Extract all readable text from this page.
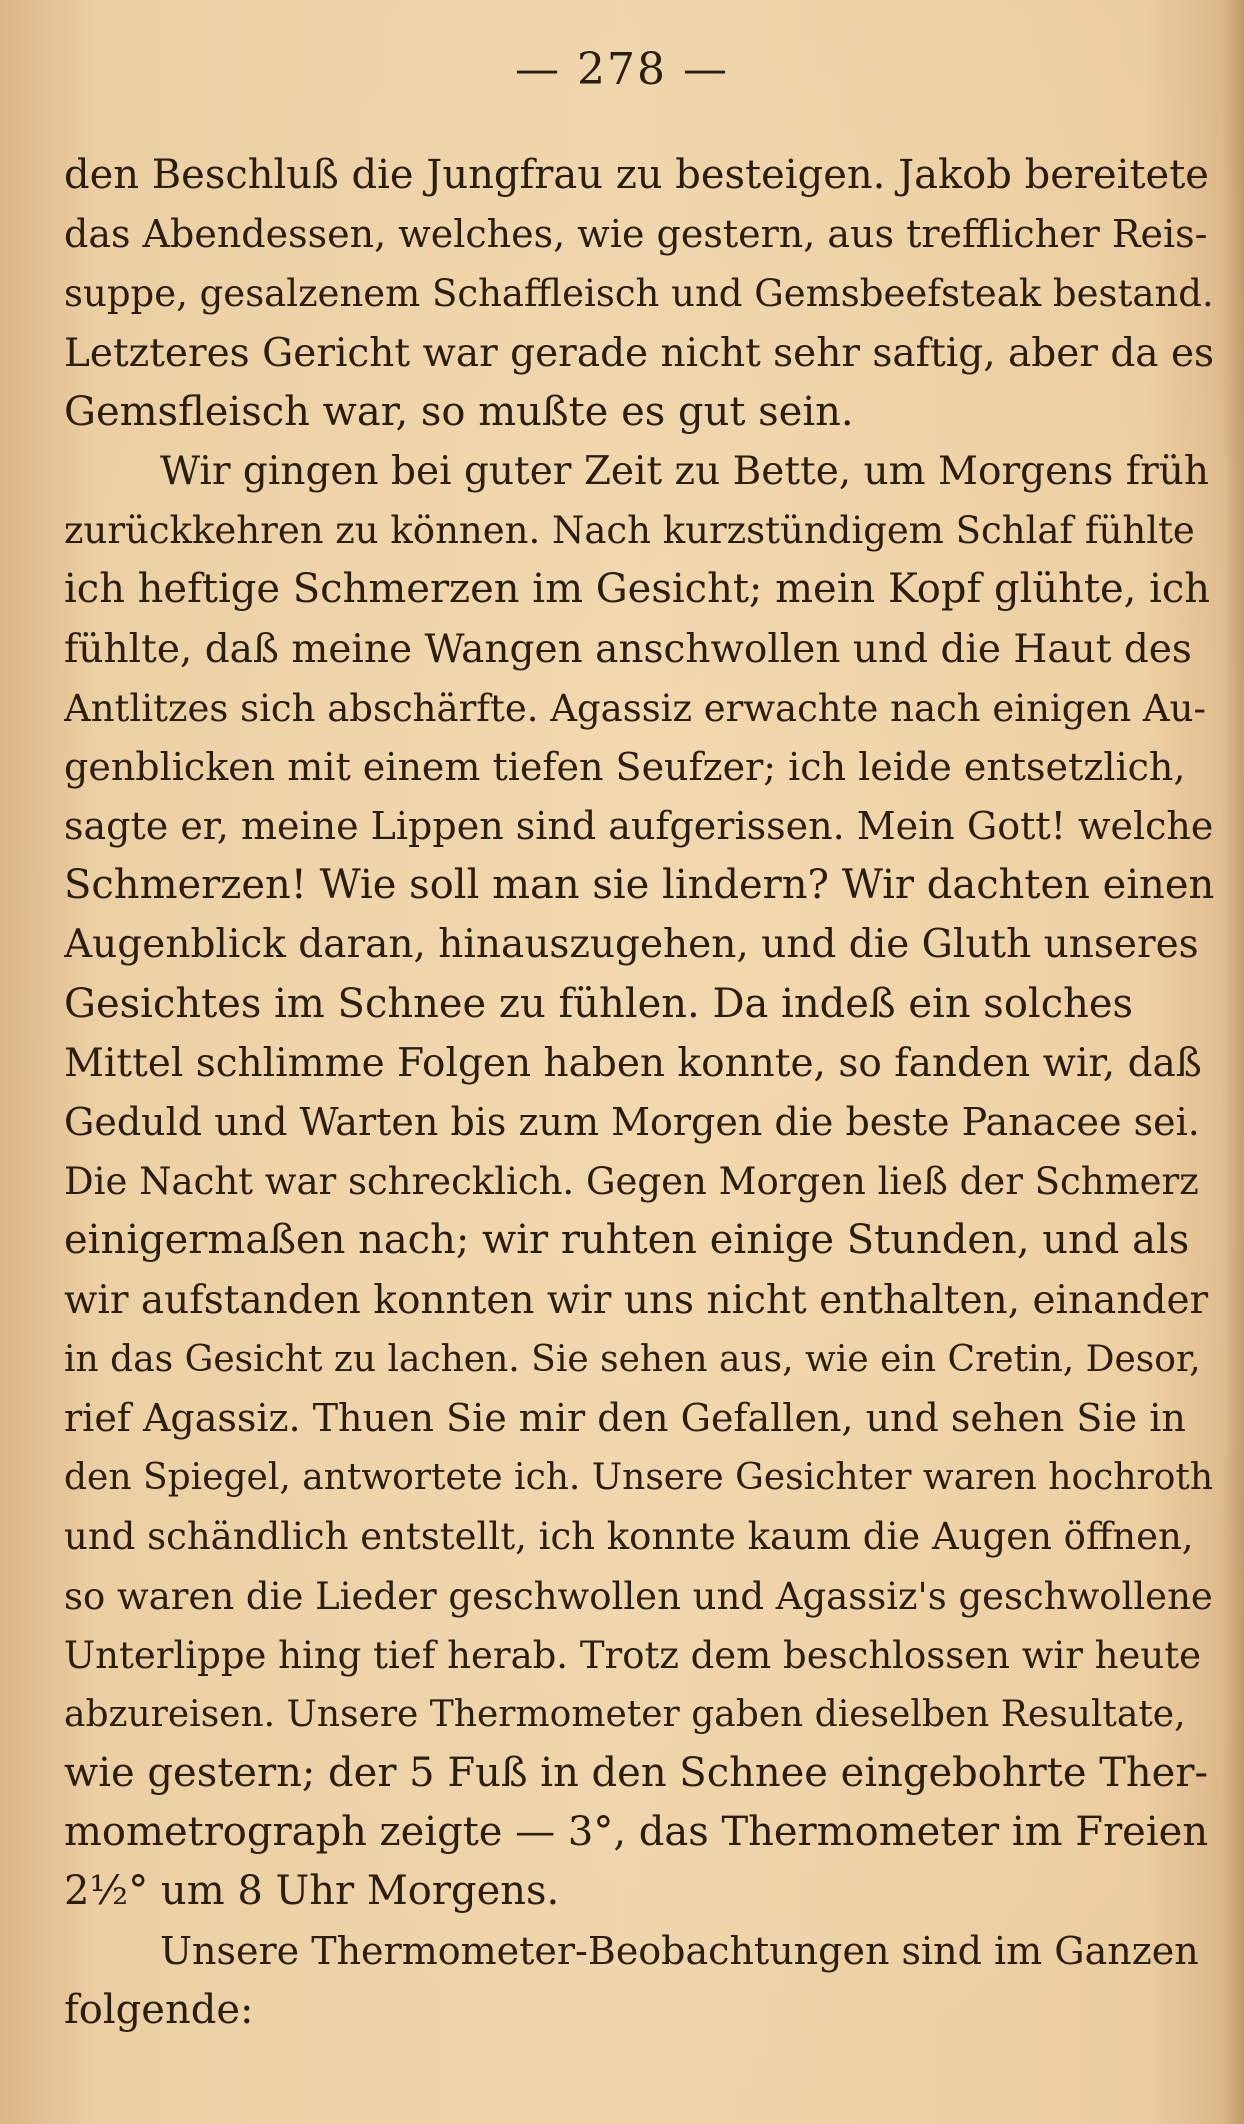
— 278 —
den Beschluß die Jungfrau zu besteigen. Jakob bereitete
das Abendessen, welches, wie gestern, aus trefflicher Reis-
suppe, gesalzenem Schaffleisch und Gemsbeefsteak bestand.
Letzteres Gericht war gerade nicht sehr saftig, aber da es
Gemsfleisch war, so mußte es gut sein.
Wir gingen bei guter Zeit zu Bette, um Morgens früh
zurückkehren zu können. Nach kurzstündigem Schlaf fühlte
ich heftige Schmerzen im Gesicht; mein Kopf glühte, ich
fühlte, daß meine Wangen anschwollen und die Haut des
Antlitzes sich abschärfte. Agassiz erwachte nach einigen Au-
genblicken mit einem tiefen Seufzer; ich leide entsetzlich,
sagte er, meine Lippen sind aufgerissen. Mein Gott! welche
Schmerzen! Wie soll man sie lindern? Wir dachten einen
Augenblick daran, hinauszugehen, und die Gluth unseres
Gesichtes im Schnee zu fühlen. Da indeß ein solches
Mittel schlimme Folgen haben konnte, so fanden wir, daß
Geduld und Warten bis zum Morgen die beste Panacee sei.
Die Nacht war schrecklich. Gegen Morgen ließ der Schmerz
einigermaßen nach; wir ruhten einige Stunden, und als
wir aufstanden konnten wir uns nicht enthalten, einander
in das Gesicht zu lachen. Sie sehen aus, wie ein Cretin, Desor,
rief Agassiz. Thuen Sie mir den Gefallen, und sehen Sie in
den Spiegel, antwortete ich. Unsere Gesichter waren hochroth
und schändlich entstellt, ich konnte kaum die Augen öffnen,
so waren die Lieder geschwollen und Agassiz's geschwollene
Unterlippe hing tief herab. Trotz dem beschlossen wir heute
abzureisen. Unsere Thermometer gaben dieselben Resultate,
wie gestern; der 5 Fuß in den Schnee eingebohrte Ther-
mometrograph zeigte — 3°, das Thermometer im Freien
2½° um 8 Uhr Morgens.
Unsere Thermometer-Beobachtungen sind im Ganzen
folgende:
